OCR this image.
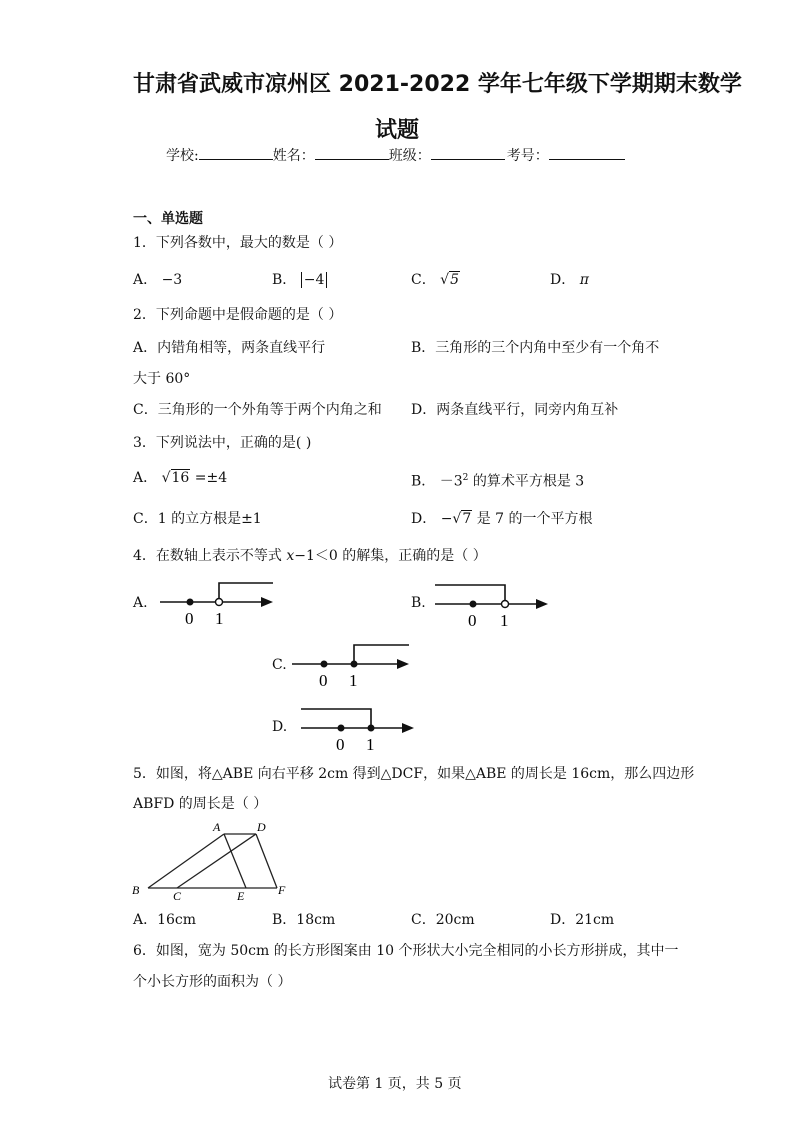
甘肃省武威市凉州区 2021-2022 学年七年级下学期期末数学
试题
学校:	姓名：	班级：	考号：
一、单选题
1．下列各数中，最大的数是（ ）
A． −3	B． −4	C． √5	D． π
2．下列命题中是假命题的是（ ）
A．内错角相等，两条直线平行	B．三角形的三个内角中至少有一个角不
大于 60°
C．三角形的一个外角等于两个内角之和 D．两条直线平行，同旁内角互补
3．下列说法中，正确的是( )
A． √16 =±4	B． $-3^2$ 的算术平方根是 3
C．1 的立方根是±1	D． −√7 是 7 的一个平方根
4．在数轴上表示不等式 x−1＜0 的解集，正确的是（ ）
A.
0 1
B.
0 1
C.
0 1
D.
0 1
5．如图，将△ABE 向右平移 2cm 得到△DCF，如果△ABE 的周长是 16cm，那么四边形
ABFD 的周长是（ ）
A	D
B	C	E	F
A．16cm	B．18cm	C．20cm	D．21cm
6．如图，宽为 50cm 的长方形图案由 10 个形状大小完全相同的小长方形拼成，其中一
个小长方形的面积为（ ）
试卷第 1 页，共 5 页
